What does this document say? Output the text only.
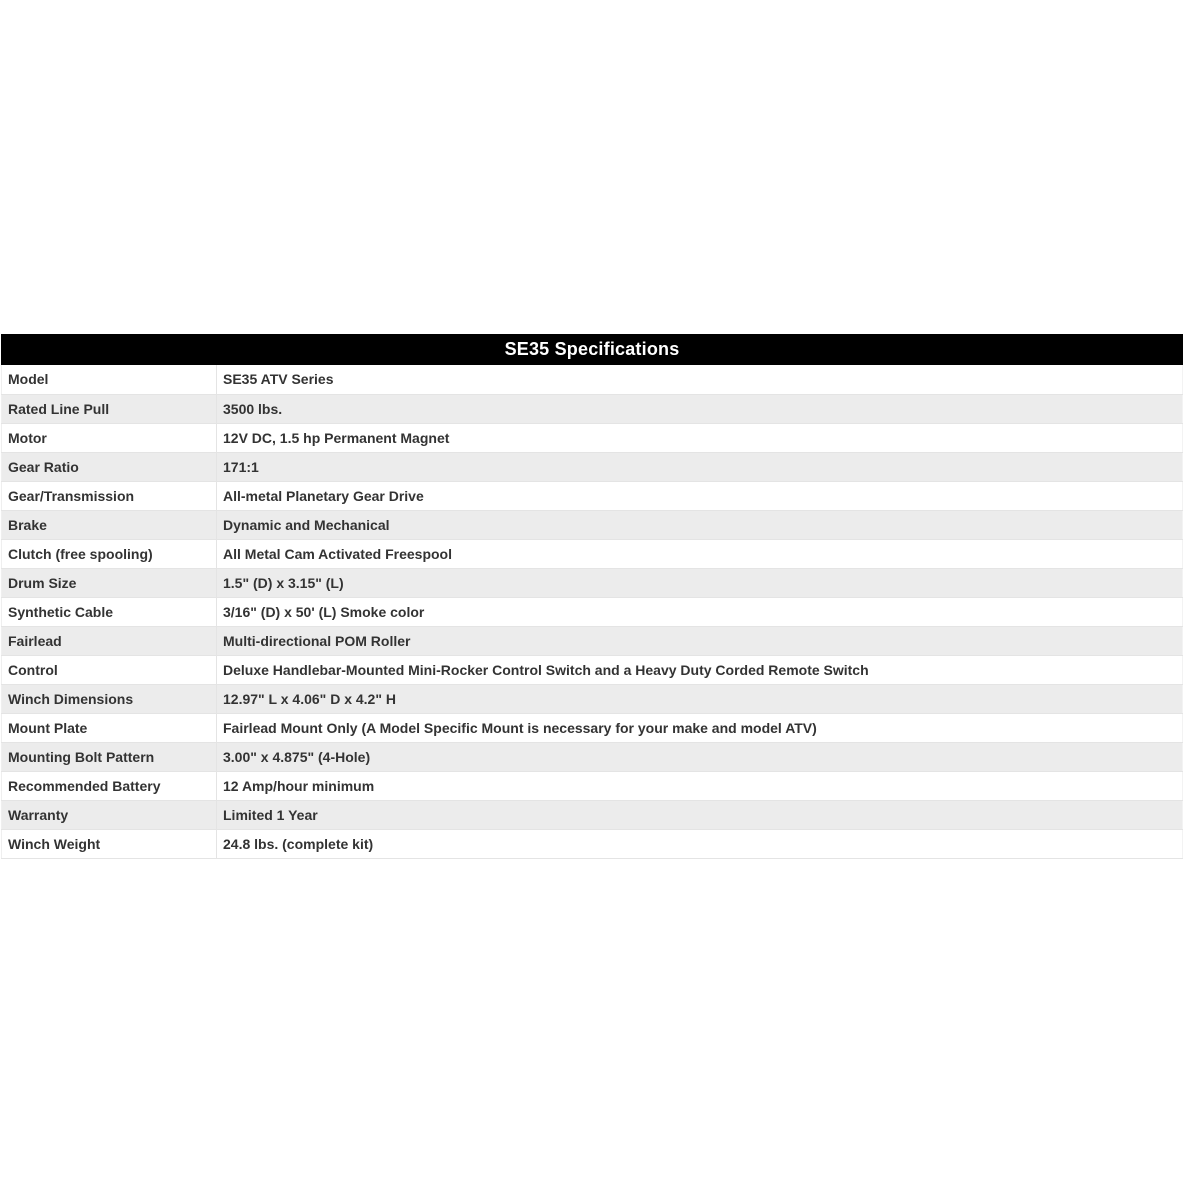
SE35 Specifications
Model	SE35 ATV Series
Rated Line Pull	3500 lbs.
Motor	12V DC, 1.5 hp Permanent Magnet
Gear Ratio	171:1
Gear/Transmission	All-metal Planetary Gear Drive
Brake	Dynamic and Mechanical
Clutch (free spooling)	All Metal Cam Activated Freespool
Drum Size	1.5" (D) x 3.15" (L)
Synthetic Cable	3/16" (D) x 50' (L) Smoke color
Fairlead	Multi-directional POM Roller
Control	Deluxe Handlebar-Mounted Mini-Rocker Control Switch and a Heavy Duty Corded Remote Switch
Winch Dimensions	12.97" L x 4.06" D x 4.2" H
Mount Plate	Fairlead Mount Only (A Model Specific Mount is necessary for your make and model ATV)
Mounting Bolt Pattern	3.00" x 4.875" (4-Hole)
Recommended Battery	12 Amp/hour minimum
Warranty	Limited 1 Year
Winch Weight	24.8 lbs. (complete kit)
